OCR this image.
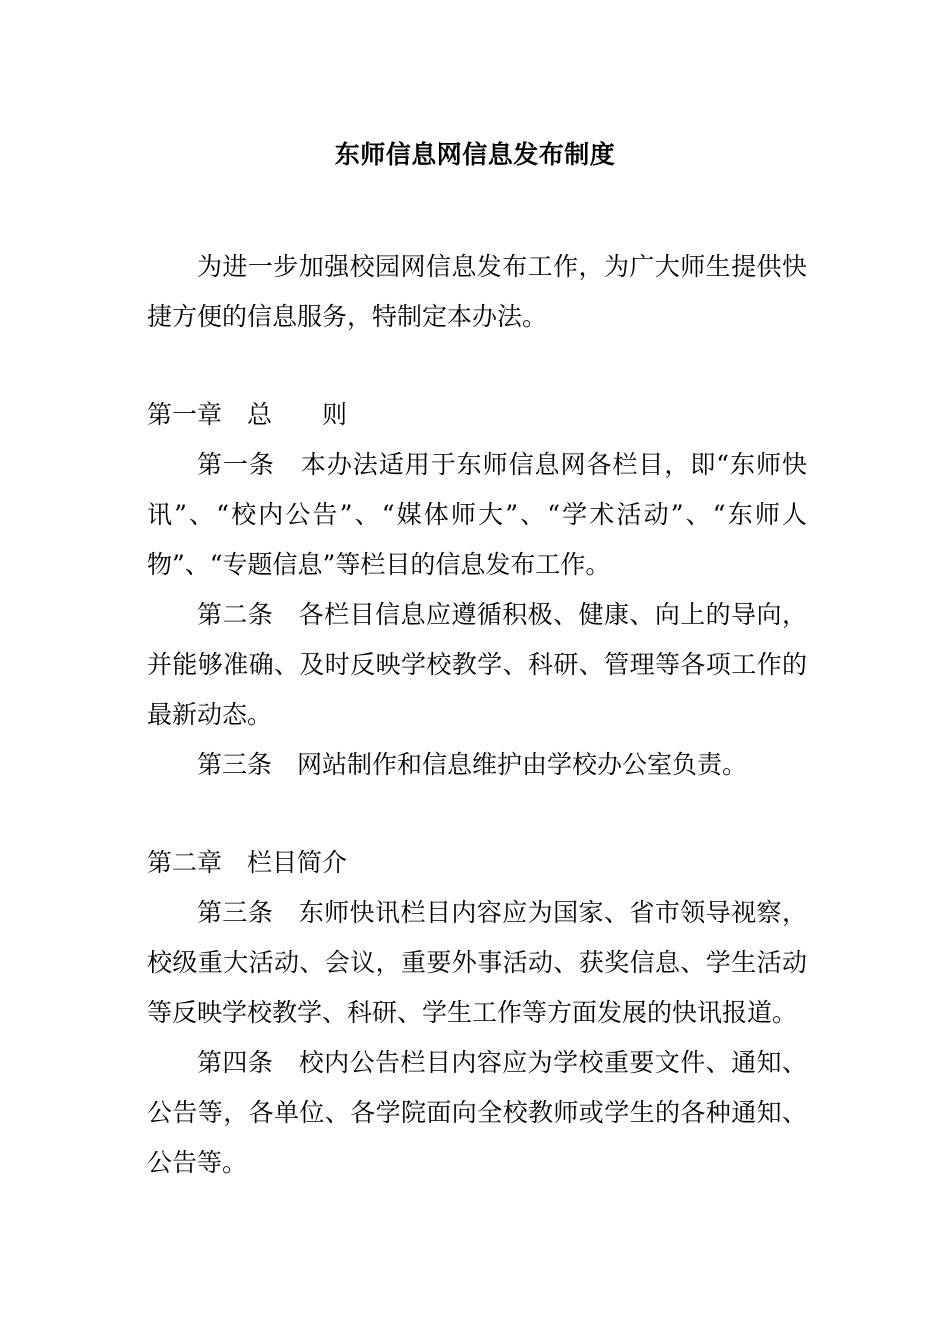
东师信息网信息发布制度
为进一步加强校园网信息发布工作，为广大师生提供快捷方便的信息服务，特制定本办法。
第一章　总　　则
第一条　本办法适用于东师信息网各栏目，即“东师快讯”、“校内公告”、“媒体师大”、“学术活动”、“东师人物”、“专题信息”等栏目的信息发布工作。
第二条　各栏目信息应遵循积极、健康、向上的导向，并能够准确、及时反映学校教学、科研、管理等各项工作的最新动态。
第三条　网站制作和信息维护由学校办公室负责。
第二章　栏目简介
第三条　东师快讯栏目内容应为国家、省市领导视察，校级重大活动、会议，重要外事活动、获奖信息、学生活动等反映学校教学、科研、学生工作等方面发展的快讯报道。
第四条　校内公告栏目内容应为学校重要文件、通知、公告等，各单位、各学院面向全校教师或学生的各种通知、公告等。
